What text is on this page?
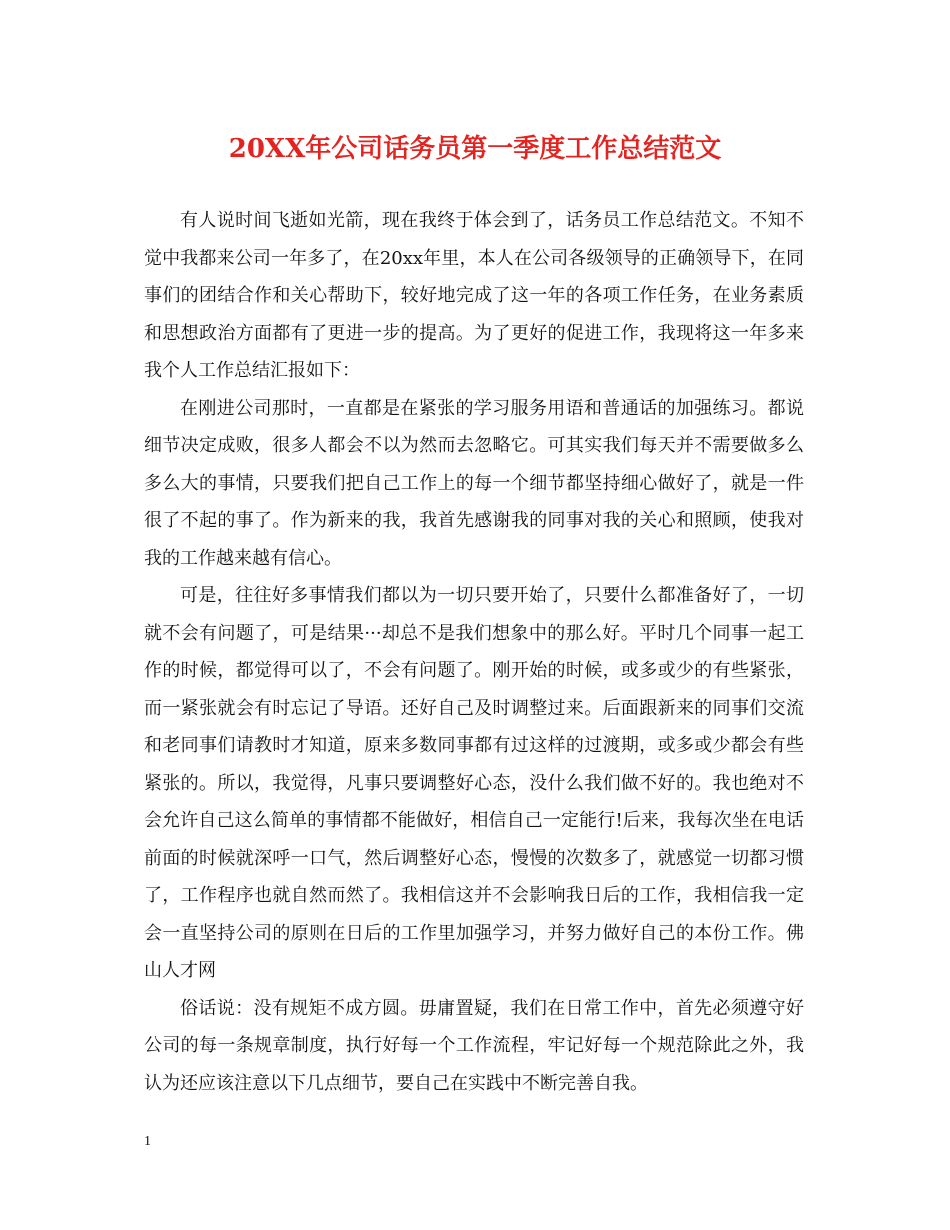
20XX年公司话务员第一季度工作总结范文

有人说时间飞逝如光箭，现在我终于体会到了，话务员工作总结范文。不知不觉中我都来公司一年多了，在20xx年里，本人在公司各级领导的正确领导下，在同事们的团结合作和关心帮助下，较好地完成了这一年的各项工作任务，在业务素质和思想政治方面都有了更进一步的提高。为了更好的促进工作，我现将这一年多来我个人工作总结汇报如下：

在刚进公司那时，一直都是在紧张的学习服务用语和普通话的加强练习。都说细节决定成败，很多人都会不以为然而去忽略它。可其实我们每天并不需要做多么多么大的事情，只要我们把自己工作上的每一个细节都坚持细心做好了，就是一件很了不起的事了。作为新来的我，我首先感谢我的同事对我的关心和照顾，使我对我的工作越来越有信心。

可是，往往好多事情我们都以为一切只要开始了，只要什么都准备好了，一切就不会有问题了，可是结果···却总不是我们想象中的那么好。平时几个同事一起工作的时候，都觉得可以了，不会有问题了。刚开始的时候，或多或少的有些紧张，而一紧张就会有时忘记了导语。还好自己及时调整过来。后面跟新来的同事们交流和老同事们请教时才知道，原来多数同事都有过这样的过渡期，或多或少都会有些紧张的。所以，我觉得，凡事只要调整好心态，没什么我们做不好的。我也绝对不会允许自己这么简单的事情都不能做好，相信自己一定能行!后来，我每次坐在电话前面的时候就深呼一口气，然后调整好心态，慢慢的次数多了，就感觉一切都习惯了，工作程序也就自然而然了。我相信这并不会影响我日后的工作，我相信我一定会一直坚持公司的原则在日后的工作里加强学习，并努力做好自己的本份工作。佛山人才网

俗话说：没有规矩不成方圆。毋庸置疑，我们在日常工作中，首先必须遵守好公司的每一条规章制度，执行好每一个工作流程，牢记好每一个规范除此之外，我认为还应该注意以下几点细节，要自己在实践中不断完善自我。

1
